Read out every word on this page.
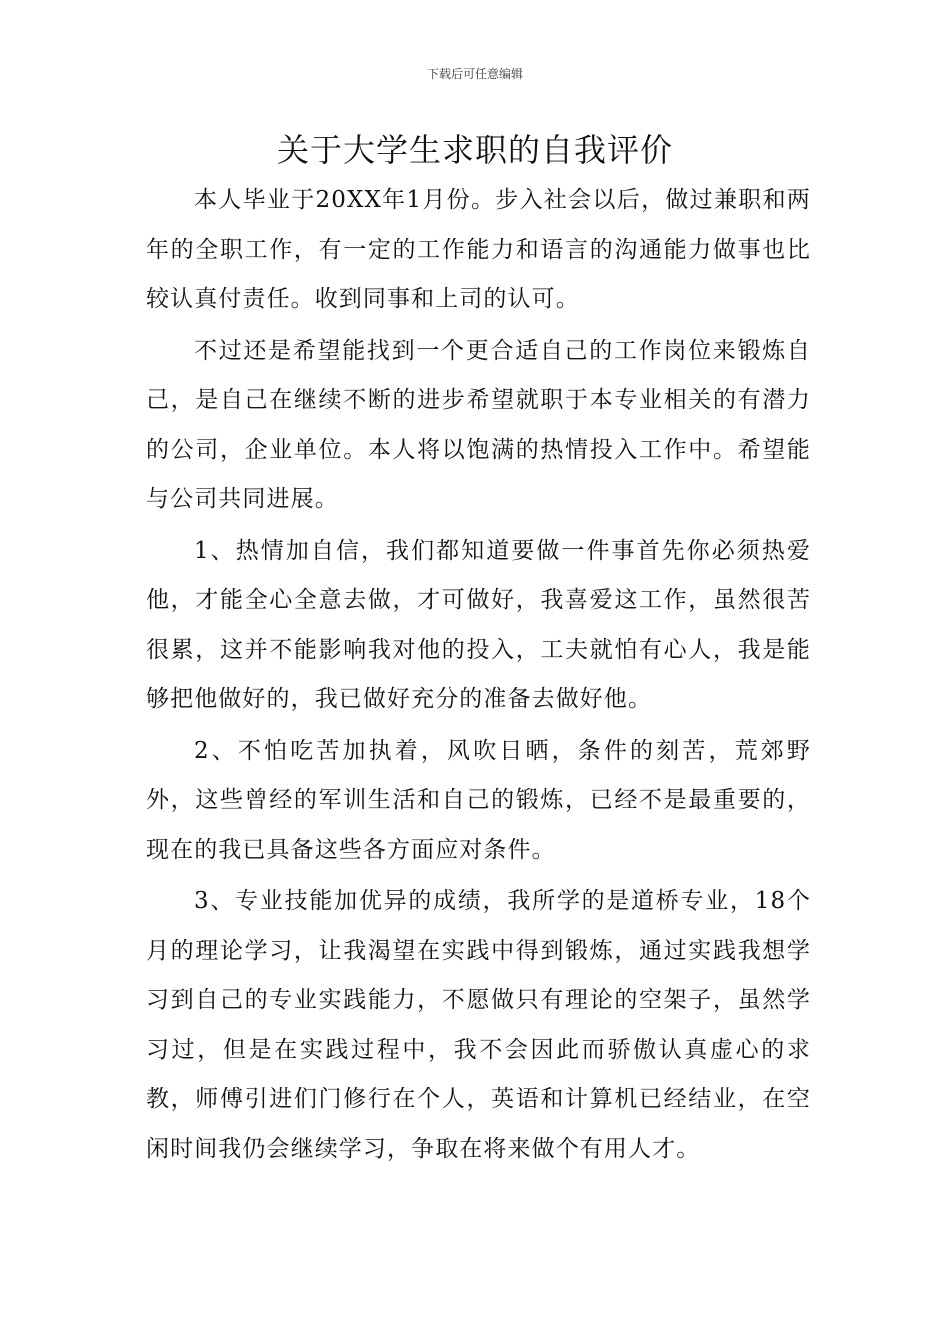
下载后可任意编辑
关于大学生求职的自我评价

本人毕业于20XX年1月份。步入社会以后，做过兼职和两年的全职工作，有一定的工作能力和语言的沟通能力做事也比较认真付责任。收到同事和上司的认可。

不过还是希望能找到一个更合适自己的工作岗位来锻炼自己，是自己在继续不断的进步希望就职于本专业相关的有潜力的公司，企业单位。本人将以饱满的热情投入工作中。希望能与公司共同进展。

1、热情加自信，我们都知道要做一件事首先你必须热爱他，才能全心全意去做，才可做好，我喜爱这工作，虽然很苦很累，这并不能影响我对他的投入，工夫就怕有心人，我是能够把他做好的，我已做好充分的准备去做好他。

2、不怕吃苦加执着，风吹日晒，条件的刻苦，荒郊野外，这些曾经的军训生活和自己的锻炼，已经不是最重要的，现在的我已具备这些各方面应对条件。

3、专业技能加优异的成绩，我所学的是道桥专业，18个月的理论学习，让我渴望在实践中得到锻炼，通过实践我想学习到自己的专业实践能力，不愿做只有理论的空架子，虽然学习过，但是在实践过程中，我不会因此而骄傲认真虚心的求教，师傅引进们门修行在个人，英语和计算机已经结业，在空闲时间我仍会继续学习，争取在将来做个有用人才。
